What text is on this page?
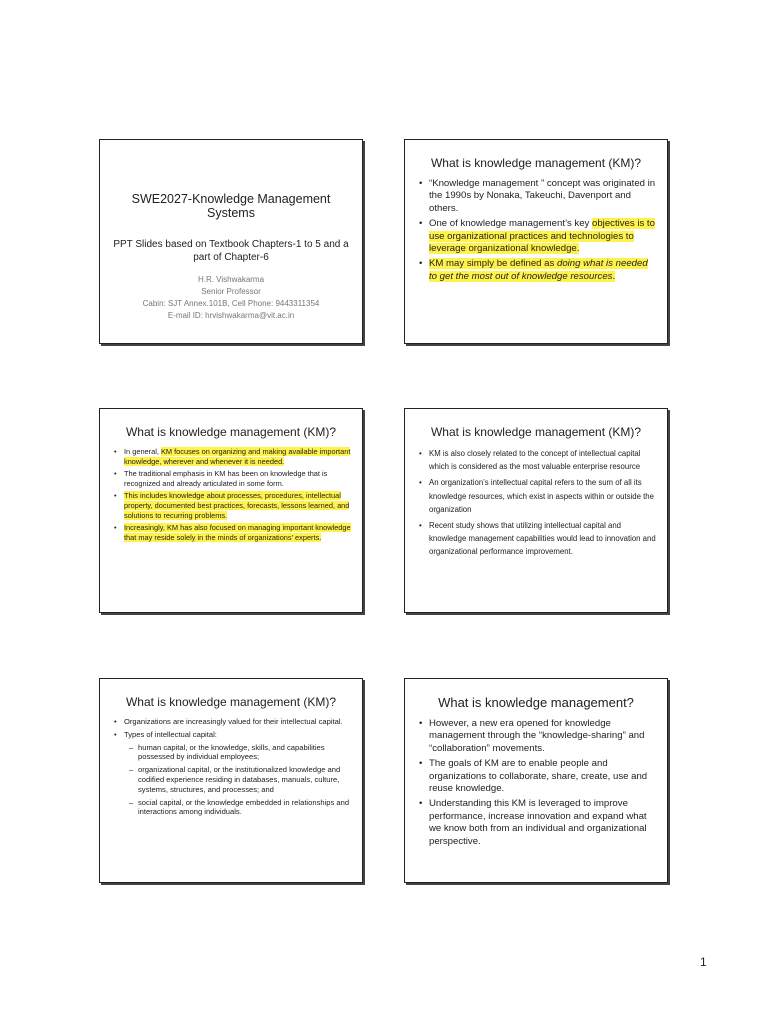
SWE2027-Knowledge Management Systems
PPT Slides based on Textbook Chapters-1 to 5 and a part of Chapter-6
H.R. Vishwakarma
Senior Professor
Cabin: SJT Annex.101B, Cell Phone: 9443311354
E-mail ID: hrvishwakarma@vit.ac.in
What is knowledge management (KM)?
• “Knowledge management ” concept was originated in the 1990s by Nonaka, Takeuchi, Davenport and others.
• One of knowledge management’s key objectives is to use organizational practices and technologies to leverage organizational knowledge.
• KM may simply be defined as doing what is needed to get the most out of knowledge resources.
What is knowledge management (KM)?
• In general, KM focuses on organizing and making available important knowledge, wherever and whenever it is needed.
• The traditional emphasis in KM has been on knowledge that is recognized and already articulated in some form.
• This includes knowledge about processes, procedures, intellectual property, documented best practices, forecasts, lessons learned, and solutions to recurring problems.
• Increasingly, KM has also focused on managing important knowledge that may reside solely in the minds of organizations’ experts.
What is knowledge management (KM)?
• KM is also closely related to the concept of intellectual capital which is considered as the most valuable enterprise resource
• An organization’s intellectual capital refers to the sum of all its knowledge resources, which exist in aspects within or outside the organization
• Recent study shows that utilizing intellectual capital and knowledge management capabilities would lead to innovation and organizational performance improvement.
What is knowledge management (KM)?
• Organizations are increasingly valued for their intellectual capital.
• Types of intellectual capital:
– human capital, or the knowledge, skills, and capabilities possessed by individual employees;
– organizational capital, or the institutionalized knowledge and codified experience residing in databases, manuals, culture, systems, structures, and processes; and
– social capital, or the knowledge embedded in relationships and interactions among individuals.
What is knowledge management?
• However, a new era opened for knowledge management through the “knowledge-sharing” and “collaboration” movements.
• The goals of KM are to enable people and organizations to collaborate, share, create, use and reuse knowledge.
• Understanding this KM is leveraged to improve performance, increase innovation and expand what we know both from an individual and organizational perspective.
1
